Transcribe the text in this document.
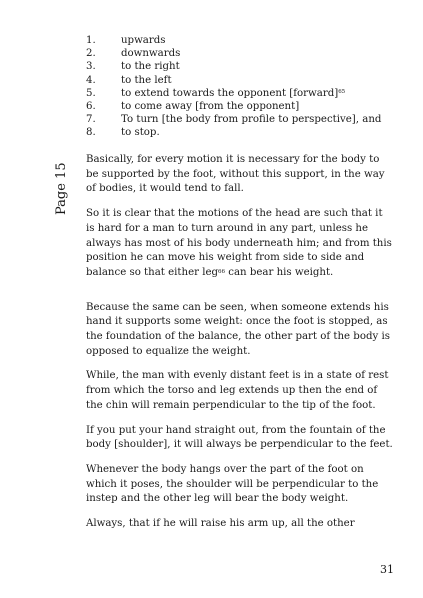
1.	upwards
2.	downwards
3.	to the right
4.	to the left
5.	to extend towards the opponent [forward]$^{65}$
6.	to come away [from the opponent]
7.	To turn [the body from profile to perspective], and
8.	to stop.
Page 15

Basically, for every motion it is necessary for the body to be supported by the foot, without this support, in the way of bodies, it would tend to fall.

So it is clear that the motions of the head are such that it is hard for a man to turn around in any part, unless he always has most of his body underneath him; and from this position he can move his weight from side to side and balance so that either leg$^{66}$ can bear his weight.

Because the same can be seen, when someone extends his hand it supports some weight: once the foot is stopped, as the foundation of the balance, the other part of the body is opposed to equalize the weight.

While, the man with evenly distant feet is in a state of rest from which the torso and leg extends up then the end of the chin will remain perpendicular to the tip of the foot.

If you put your hand straight out, from the fountain of the body [shoulder], it will always be perpendicular to the feet.

Whenever the body hangs over the part of the foot on which it poses, the shoulder will be perpendicular to the instep and the other leg will bear the body weight.

Always, that if he will raise his arm up, all the other

31
